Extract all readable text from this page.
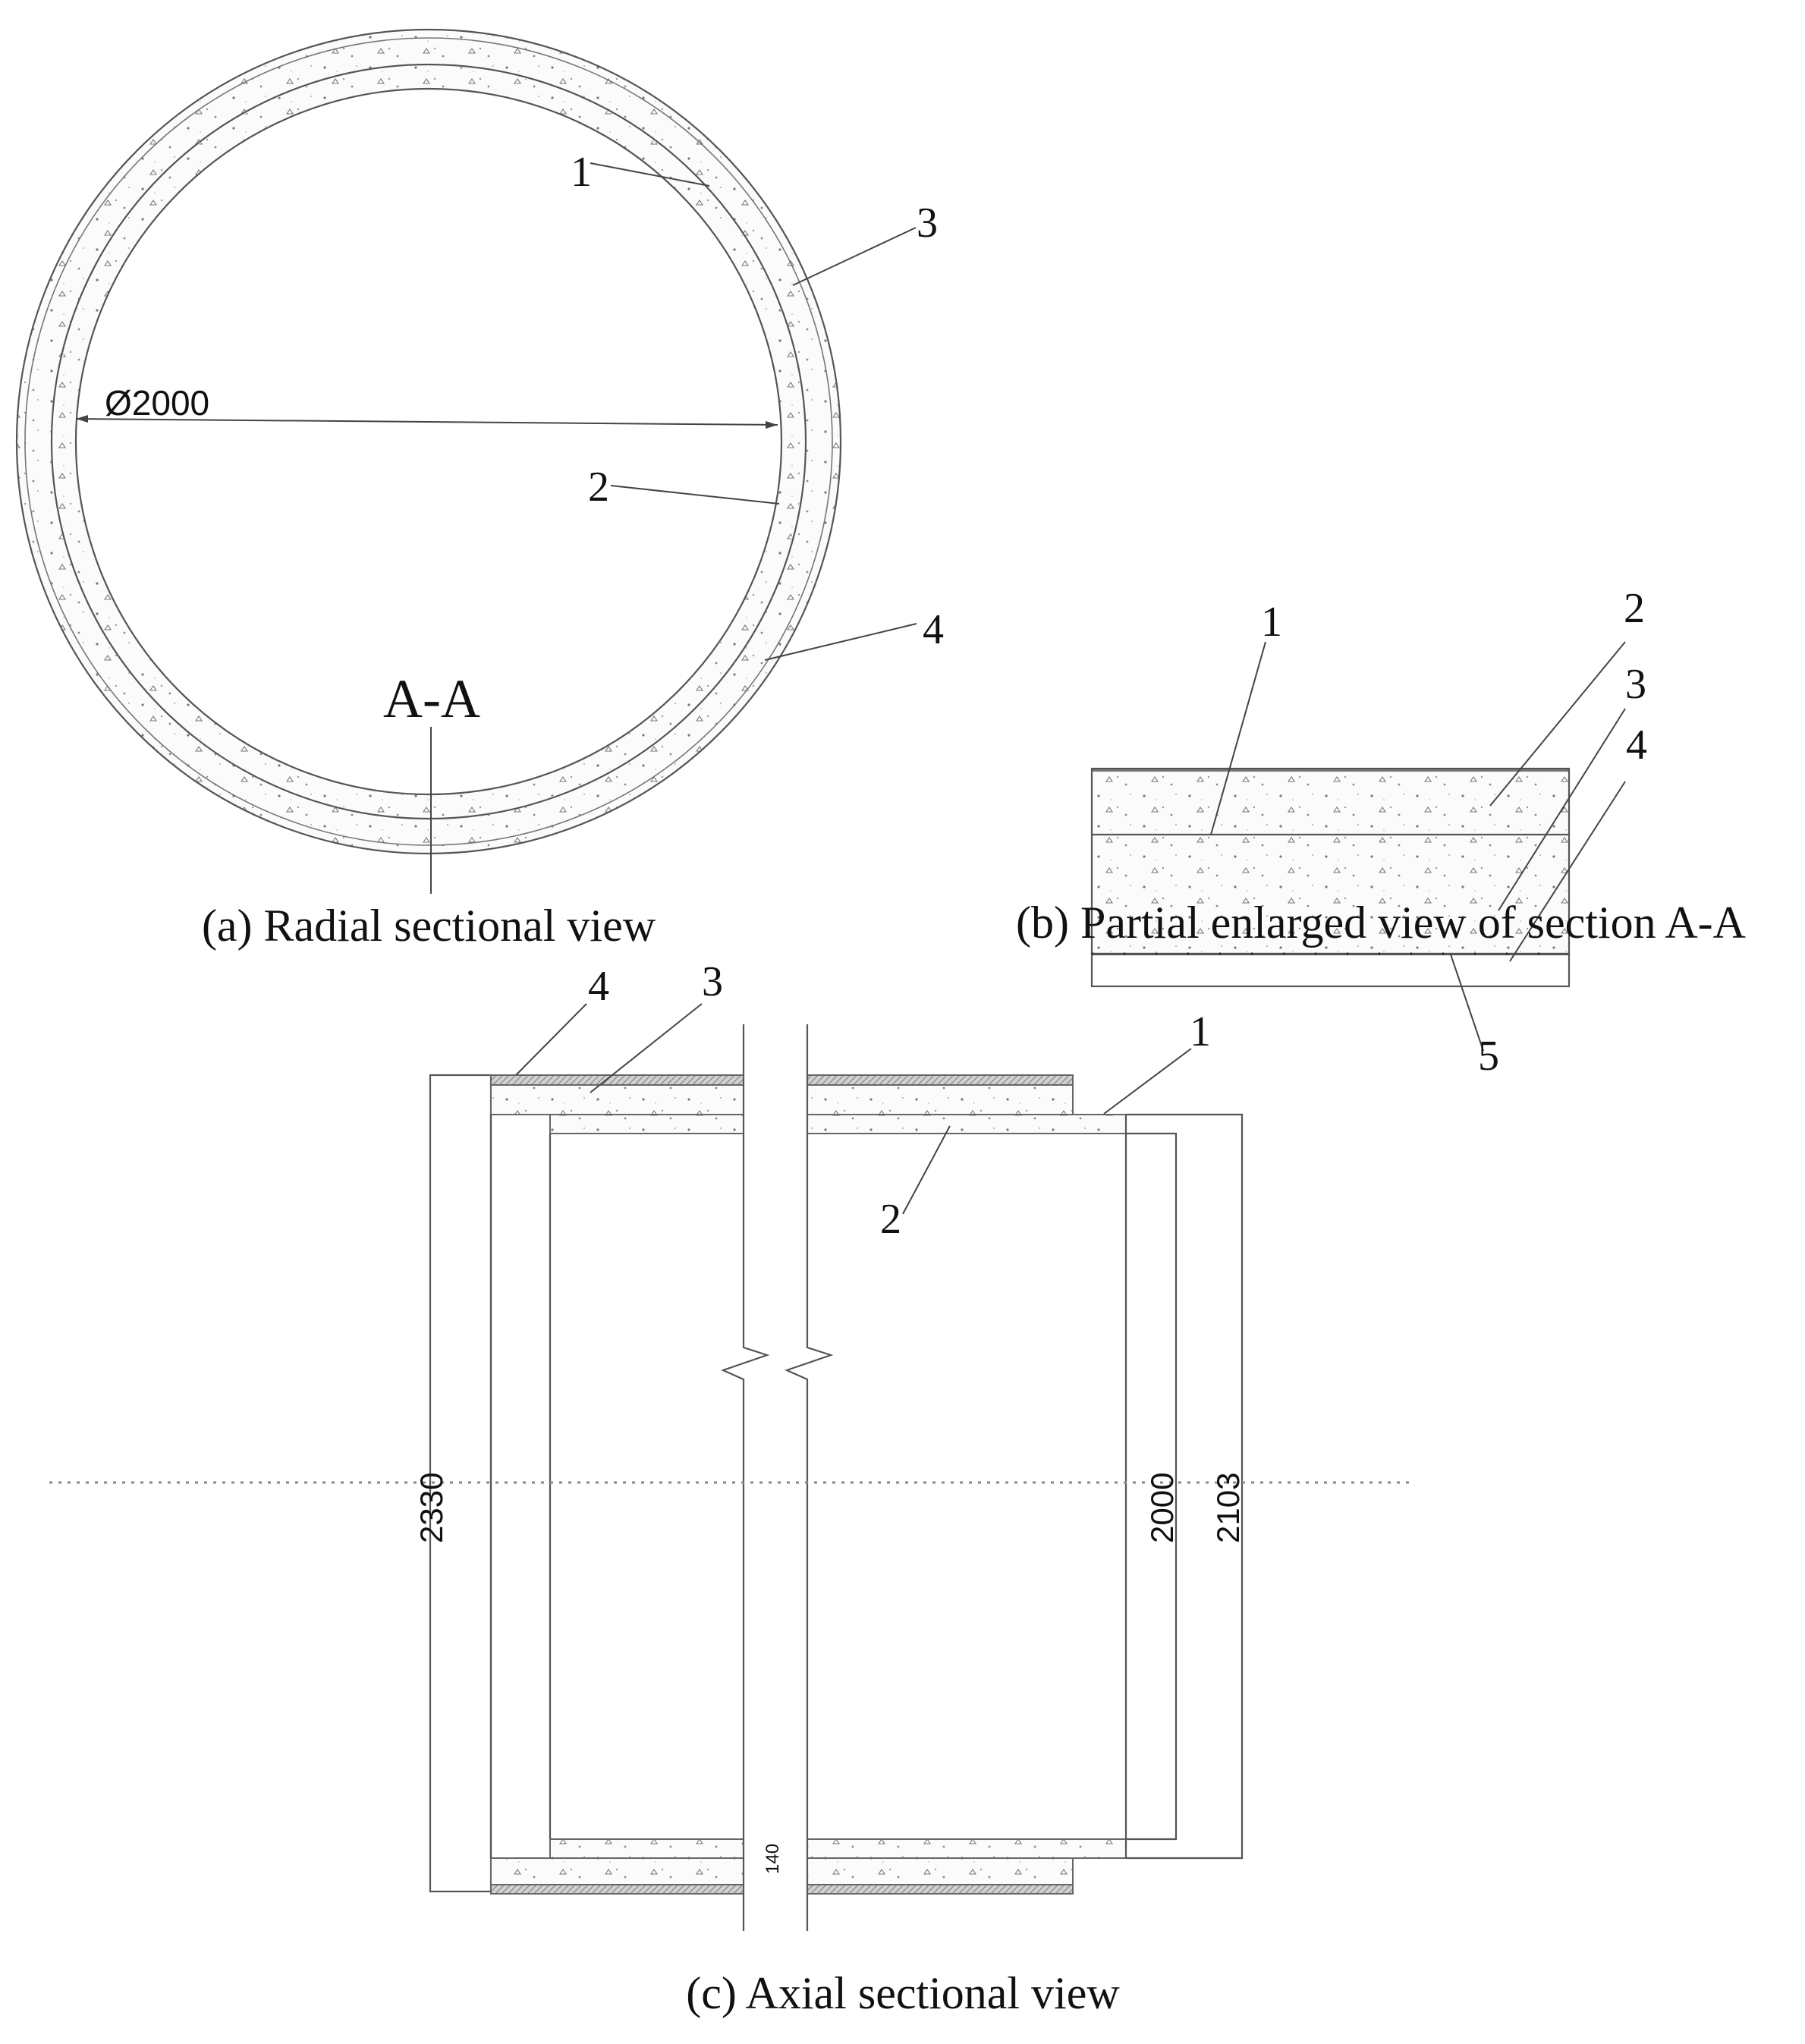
Ø2000
A-A
1
3
2
4
(a) Radial sectional view
1	2
3
4
5
(b) Partial enlarged view of section A-A
2330	2000 2103
140
4 3
1
2
(c) Axial sectional view
